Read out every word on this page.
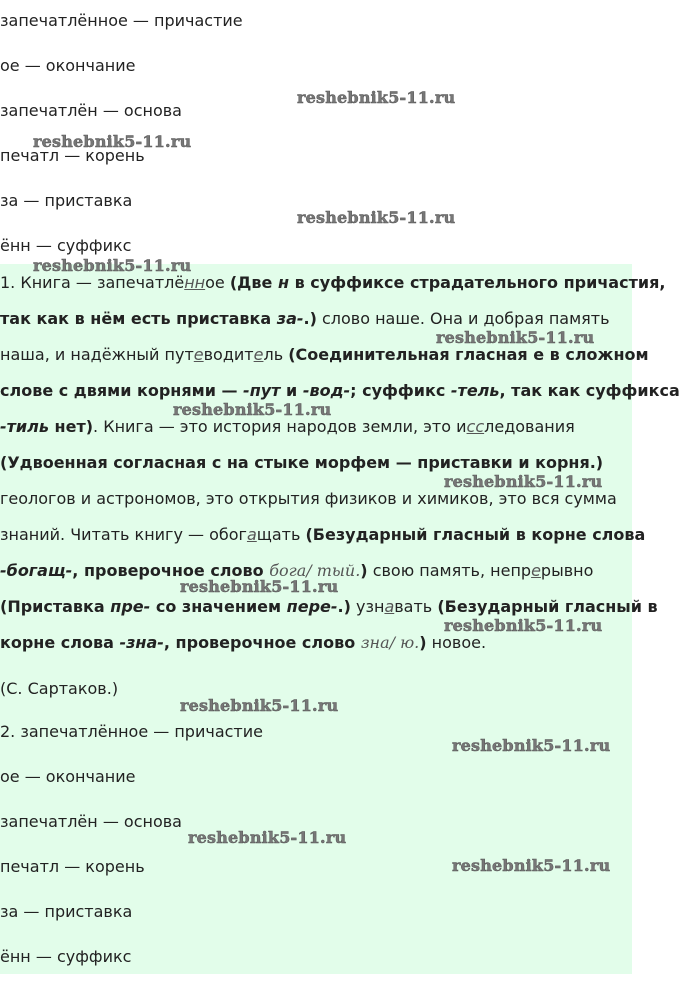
запечатлённое — причастие
ое — окончание
запечатлён — основа
печатл — корень
за — приставка
ённ — суффикс
1. Книга — запечатлённое (Две н в суффиксе страдательного причастия,
так как в нём есть приставка за-.) слово наше. Она и добрая память
наша, и надёжный путеводитель (Соединительная гласная е в сложном
слове с двями корнями — -пут и -вод-; суффикс -тель, так как суффикса
-тиль нет). Книга — это история народов земли, это исследования
(Удвоенная согласная с на стыке морфем — приставки и корня.)
геологов и астрономов, это открытия физиков и химиков, это вся сумма
знаний. Читать книгу — обогащать (Безударный гласный в корне слова
-богащ-, проверочное слово бога/ тый.) свою память, непрерывно
(Приставка пре- со значением пере-.) узнавать (Безударный гласный в
корне слова -зна-, проверочное слово зна/ ю.) новое.
(С. Сартаков.)
2. запечатлённое — причастие
ое — окончание
запечатлён — основа
печатл — корень
за — приставка
ённ — суффикс
reshebnik5-11.ru
reshebnik5-11.ru
reshebnik5-11.ru
reshebnik5-11.ru
reshebnik5-11.ru
reshebnik5-11.ru
reshebnik5-11.ru
reshebnik5-11.ru
reshebnik5-11.ru
reshebnik5-11.ru
reshebnik5-11.ru
reshebnik5-11.ru
reshebnik5-11.ru
